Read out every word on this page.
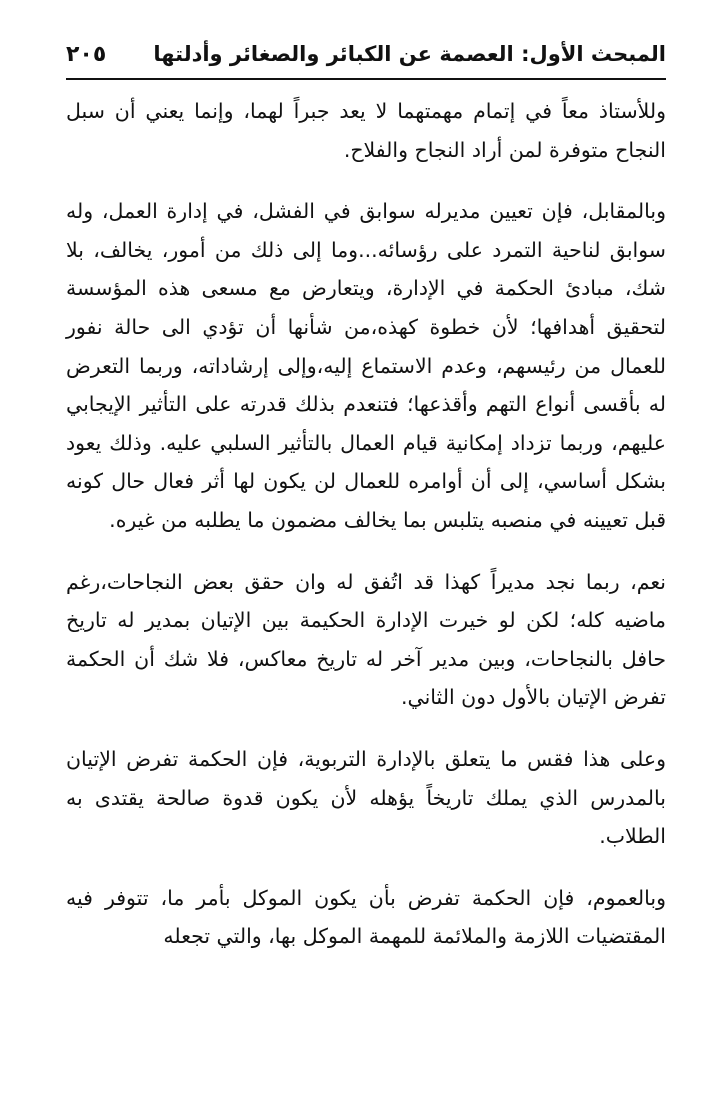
المبحث الأول: العصمة عن الكبائر والصغائر وأدلتها
٢٠٥

وللأستاذ معاً في إتمام مهمتهما لا يعد جبراً لهما، وإنما يعني أن سبل النجاح متوفرة لمن أراد النجاح والفلاح.

وبالمقابل، فإن تعيين مديرله سوابق في الفشل، في إدارة العمل، وله سوابق لناحية التمرد على رؤسائه...وما إلى ذلك من أمور، يخالف، بلا شك، مبادئ الحكمة في الإدارة، ويتعارض مع مسعى هذه المؤسسة لتحقيق أهدافها؛ لأن خطوة كهذه،من شأنها أن تؤدي الى حالة نفور للعمال من رئيسهم، وعدم الاستماع إليه،وإلى إرشاداته، وربما التعرض له بأقسى أنواع التهم وأقذعها؛ فتنعدم بذلك قدرته على التأثير الإيجابي عليهم، وربما تزداد إمكانية قيام العمال بالتأثير السلبي عليه. وذلك يعود بشكل أساسي، إلى أن أوامره للعمال لن يكون لها أثر فعال حال كونه قبل تعيينه في منصبه يتلبس بما يخالف مضمون ما يطلبه من غيره.

نعم، ربما نجد مديراً كهذا قد اتُفق له وان حقق بعض النجاحات،رغم ماضيه كله؛ لكن لو خيرت الإدارة الحكيمة بين الإتيان بمدير له تاريخ حافل بالنجاحات، وبين مدير آخر له تاريخ معاكس، فلا شك أن الحكمة تفرض الإتيان بالأول دون الثاني.

وعلى هذا فقس ما يتعلق بالإدارة التربوية، فإن الحكمة تفرض الإتيان بالمدرس الذي يملك تاريخاً يؤهله لأن يكون قدوة صالحة يقتدى به الطلاب.

وبالعموم، فإن الحكمة تفرض بأن يكون الموكل بأمر ما، تتوفر فيه المقتضيات اللازمة والملائمة للمهمة الموكل بها، والتي تجعله
